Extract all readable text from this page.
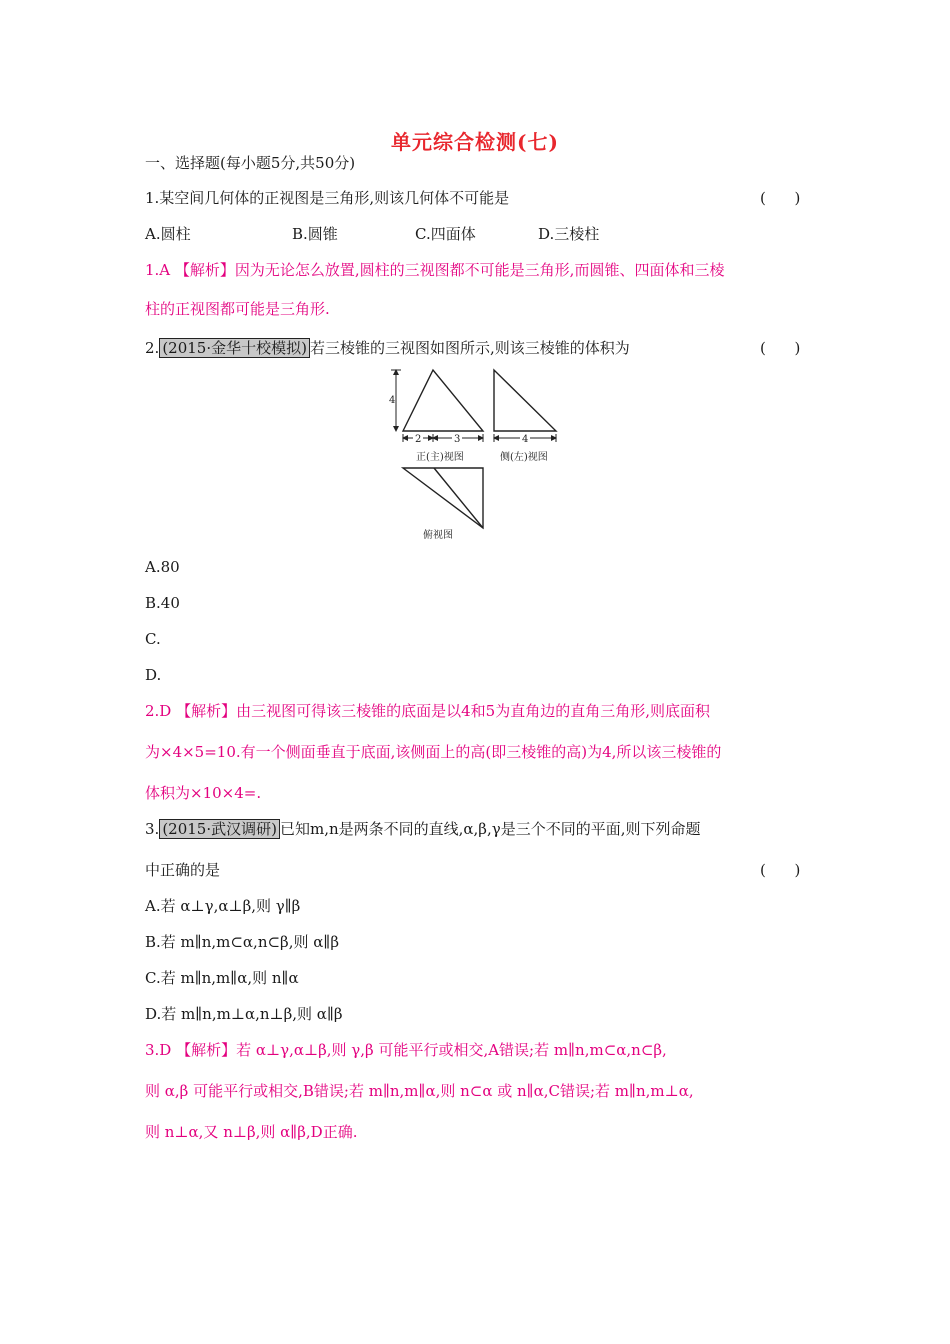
单元综合检测(七)
一、选择题(每小题5分,共50分)
1.某空间几何体的正视图是三角形,则该几何体不可能是	(      )
A.圆柱	B.圆锥	C.四面体	D.三棱柱
1.A 【解析】因为无论怎么放置,圆柱的三视图都不可能是三角形,而圆锥、四面体和三棱
柱的正视图都可能是三角形.
2. (2015·金华十校模拟) 若三棱锥的三视图如图所示,则该三棱锥的体积为	(      )
4
2	3
正(主)视图
4
侧(左)视图
俯视图
A.80
B.40
C.
D.
2.D 【解析】由三视图可得该三棱锥的底面是以4和5为直角边的直角三角形,则底面积
为×4×5=10.有一个侧面垂直于底面,该侧面上的高(即三棱锥的高)为4,所以该三棱锥的
体积为×10×4=.
3. (2015·武汉调研) 已知m,n是两条不同的直线,α,β,γ是三个不同的平面,则下列命题
中正确的是	(      )
A.若 α⊥γ,α⊥β,则 γ∥β
B.若 m∥n,m⊂α,n⊂β,则 α∥β
C.若 m∥n,m∥α,则 n∥α
D.若 m∥n,m⊥α,n⊥β,则 α∥β
3.D 【解析】若 α⊥γ,α⊥β,则 γ,β 可能平行或相交,A错误;若 m∥n,m⊂α,n⊂β,
则 α,β 可能平行或相交,B错误;若 m∥n,m∥α,则 n⊂α 或 n∥α,C错误;若 m∥n,m⊥α,
则 n⊥α,又 n⊥β,则 α∥β,D正确.
